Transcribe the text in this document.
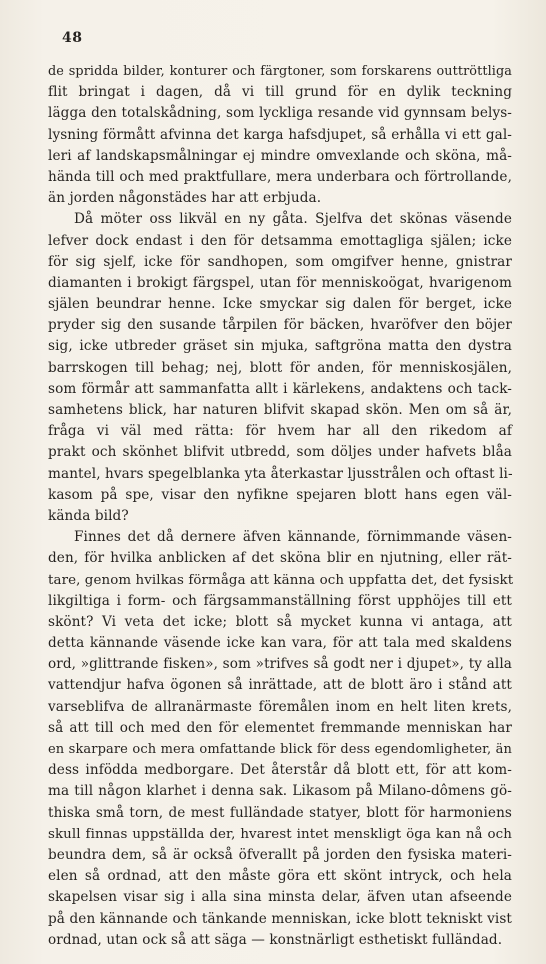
48
de spridda bilder, konturer och färgtoner, som forskarens outtröttliga
flit bringat i dagen, då vi till grund för en dylik teckning
lägga den totalskådning, som lyckliga resande vid gynnsam belys-
lysning förmått afvinna det karga hafsdjupet, så erhålla vi ett gal-
leri af landskapsmålningar ej mindre omvexlande och sköna, må-
hända till och med praktfullare, mera underbara och förtrollande,
än jorden någonstädes har att erbjuda.
Då möter oss likväl en ny gåta. Sjelfva det skönas väsende
lefver dock endast i den för detsamma emottagliga själen; icke
för sig sjelf, icke för sandhopen, som omgifver henne, gnistrar
diamanten i brokigt färgspel, utan för menniskoögat, hvarigenom
själen beundrar henne. Icke smyckar sig dalen för berget, icke
pryder sig den susande tårpilen för bäcken, hvaröfver den böjer
sig, icke utbreder gräset sin mjuka, saftgröna matta den dystra
barrskogen till behag; nej, blott för anden, för menniskosjälen,
som förmår att sammanfatta allt i kärlekens, andaktens och tack-
samhetens blick, har naturen blifvit skapad skön. Men om så är,
fråga vi väl med rätta: för hvem har all den rikedom af
prakt och skönhet blifvit utbredd, som döljes under hafvets blåa
mantel, hvars spegelblanka yta återkastar ljusstrålen och oftast li-
kasom på spe, visar den nyfikne spejaren blott hans egen väl-
kända bild?
Finnes det då dernere äfven kännande, förnimmande väsen-
den, för hvilka anblicken af det sköna blir en njutning, eller rät-
tare, genom hvilkas förmåga att känna och uppfatta det, det fysiskt
likgiltiga i form- och färgsammanställning först upphöjes till ett
skönt? Vi veta det icke; blott så mycket kunna vi antaga, att
detta kännande väsende icke kan vara, för att tala med skaldens
ord, »glittrande fisken», som »trifves så godt ner i djupet», ty alla
vattendjur hafva ögonen så inrättade, att de blott äro i stånd att
varseblifva de allranärmaste föremålen inom en helt liten krets,
så att till och med den för elementet fremmande menniskan har
en skarpare och mera omfattande blick för dess egendomligheter, än
dess infödda medborgare. Det återstår då blott ett, för att kom-
ma till någon klarhet i denna sak. Likasom på Milano-dômens gö-
thiska små torn, de mest fulländade statyer, blott för harmoniens
skull finnas uppställda der, hvarest intet menskligt öga kan nå och
beundra dem, så är också öfverallt på jorden den fysiska materi-
elen så ordnad, att den måste göra ett skönt intryck, och hela
skapelsen visar sig i alla sina minsta delar, äfven utan afseende
på den kännande och tänkande menniskan, icke blott tekniskt vist
ordnad, utan ock så att säga — konstnärligt esthetiskt fulländad.
